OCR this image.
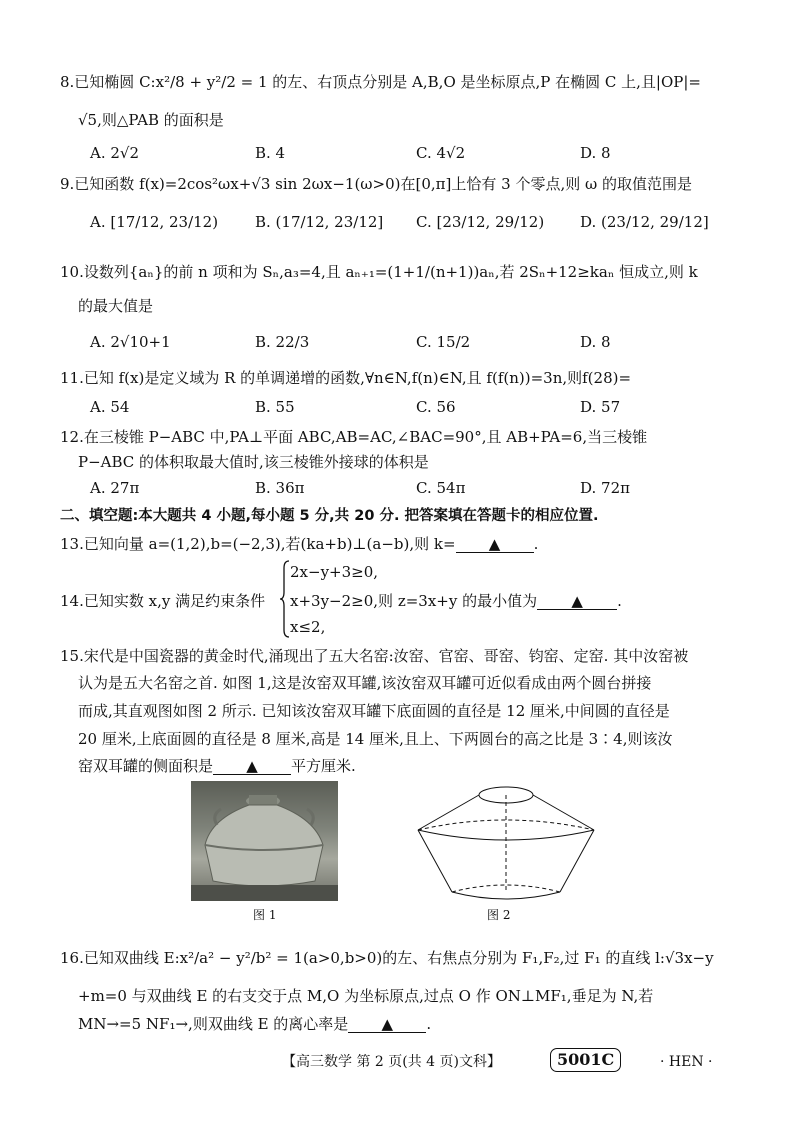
8.已知椭圆 C:x²/8 + y²/2 = 1 的左、右顶点分别是 A,B,O 是坐标原点,P 在椭圆 C 上,且|OP|=
√5,则△PAB 的面积是
A. 2√2	B. 4	C. 4√2	D. 8
9.已知函数 f(x)=2cos²ωx+√3 sin 2ωx−1(ω>0)在[0,π]上恰有 3 个零点,则 ω 的取值范围是
A. [17/12, 23/12) B. (17/12, 23/12] C. [23/12, 29/12) D. (23/12, 29/12]
10.设数列{aₙ}的前 n 项和为 Sₙ,a₃=4,且 aₙ₊₁=(1+1/(n+1))aₙ,若 2Sₙ+12≥kaₙ 恒成立,则 k
的最大值是
A. 2√10+1	B. 22/3	C. 15/2	D. 8
11.已知 f(x)是定义域为 R 的单调递增的函数,∀n∈N,f(n)∈N,且 f(f(n))=3n,则f(28)=
A. 54	B. 55	C. 56	D. 57
12.在三棱锥 P−ABC 中,PA⊥平面 ABC,AB=AC,∠BAC=90°,且 AB+PA=6,当三棱锥
P−ABC 的体积取最大值时,该三棱锥外接球的体积是
A. 27π	B. 36π	C. 54π	D. 72π
二、填空题:本大题共 4 小题,每小题 5 分,共 20 分. 把答案填在答题卡的相应位置.
13.已知向量 a=(1,2),b=(−2,3),若(ka+b)⊥(a−b),则 k= ▲ .
14.已知实数 x,y 满足约束条件
2x−y+3≥0,
x+3y−2≥0,则 z=3x+y 的最小值为 ▲ .
x≤2,
15.宋代是中国瓷器的黄金时代,涌现出了五大名窑:汝窑、官窑、哥窑、钧窑、定窑. 其中汝窑被
认为是五大名窑之首. 如图 1,这是汝窑双耳罐,该汝窑双耳罐可近似看成由两个圆台拼接
而成,其直观图如图 2 所示. 已知该汝窑双耳罐下底面圆的直径是 12 厘米,中间圆的直径是
20 厘米,上底面圆的直径是 8 厘米,高是 14 厘米,且上、下两圆台的高之比是 3∶4,则该汝
窑双耳罐的侧面积是 ▲ 平方厘米.
图 1	图 2
16.已知双曲线 E:x²/a² − y²/b² = 1(a>0,b>0)的左、右焦点分别为 F₁,F₂,过 F₁ 的直线 l:√3x−y
+m=0 与双曲线 E 的右支交于点 M,O 为坐标原点,过点 O 作 ON⊥MF₁,垂足为 N,若
MN→=5 NF₁→,则双曲线 E 的离心率是 ▲ .
【高三数学 第 2 页(共 4 页)文科】	5001C	· HEN ·
